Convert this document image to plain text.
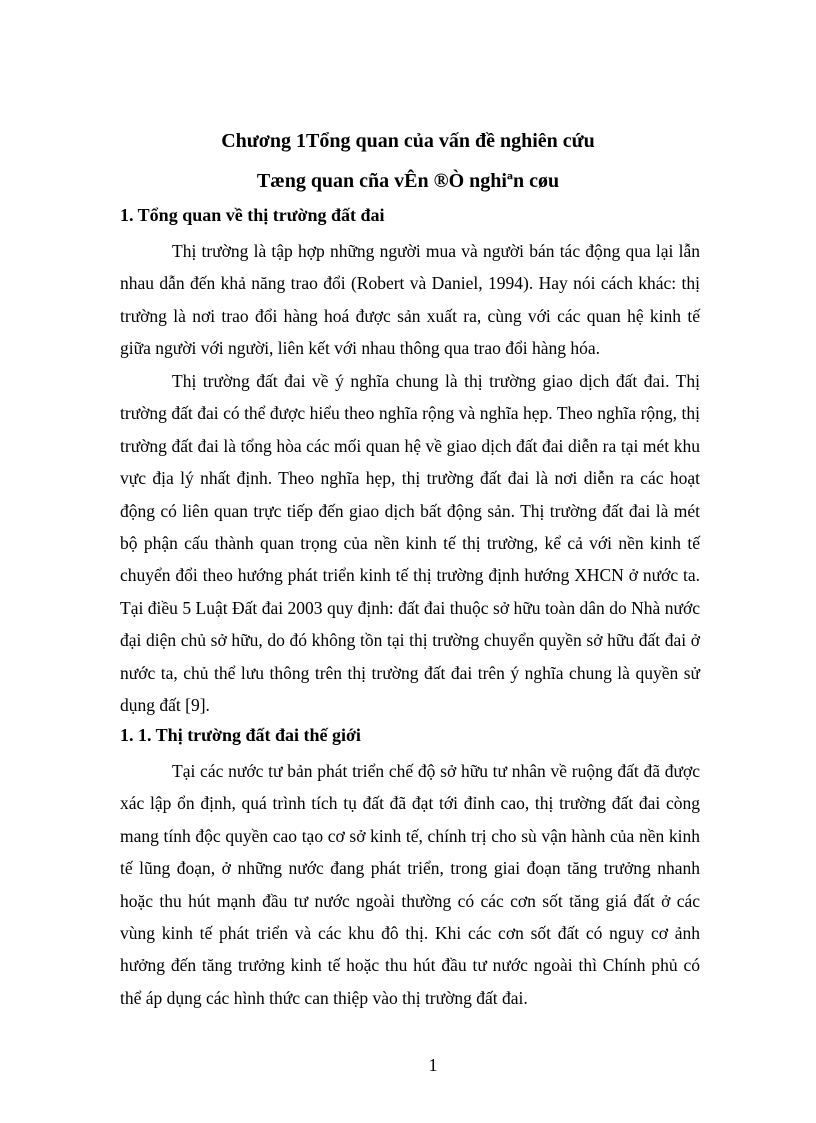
Chương 1Tổng quan của vấn đề nghiên cứu
Tæng quan cña vÊn ®Ò nghiªn cøu
1. Tổng quan về thị trường đất đai

Thị trường là tập hợp những người mua và người bán tác động qua lại lẫn nhau dẫn đến khả năng trao đổi (Robert và Daniel, 1994). Hay nói cách khác: thị trường là nơi trao đổi hàng hoá được sản xuất ra, cùng với các quan hệ kinh tế giữa người với người, liên kết với nhau thông qua trao đổi hàng hóa.

Thị trường đất đai về ý nghĩa chung là thị trường giao dịch đất đai. Thị trường đất đai có thể được hiểu theo nghĩa rộng và nghĩa hẹp. Theo nghĩa rộng, thị trường đất đai là tổng hòa các mối quan hệ về giao dịch đất đai diễn ra tại mét khu vực địa lý nhất định. Theo nghĩa hẹp, thị trường đất đai là nơi diễn ra các hoạt động có liên quan trực tiếp đến giao dịch bất động sản. Thị trường đất đai là mét bộ phận cấu thành quan trọng của nền kinh tế thị trường, kể cả với nền kinh tế chuyển đổi theo hướng phát triển kinh tế thị trường định hướng XHCN ở nước ta. Tại điều 5 Luật Đất đai 2003 quy định: đất đai thuộc sở hữu toàn dân do Nhà nước đại diện chủ sở hữu, do đó không tồn tại thị trường chuyển quyền sở hữu đất đai ở nước ta, chủ thể lưu thông trên thị trường đất đai trên ý nghĩa chung là quyền sử dụng đất [9].

1. 1. Thị trường đất đai thế giới

Tại các nước tư bản phát triển chế độ sở hữu tư nhân về ruộng đất đã được xác lập ổn định, quá trình tích tụ đất đã đạt tới đỉnh cao, thị trường đất đai còng mang tính độc quyền cao tạo cơ sở kinh tế, chính trị cho sù vận hành của nền kinh tế lũng đoạn, ở những nước đang phát triển, trong giai đoạn tăng trưởng nhanh hoặc thu hút mạnh đầu tư nước ngoài thường có các cơn sốt tăng giá đất ở các vùng kinh tế phát triển và các khu đô thị. Khi các cơn sốt đất có nguy cơ ảnh hưởng đến tăng trưởng kinh tế hoặc thu hút đầu tư nước ngoài thì Chính phủ có thể áp dụng các hình thức can thiệp vào thị trường đất đai.

1
